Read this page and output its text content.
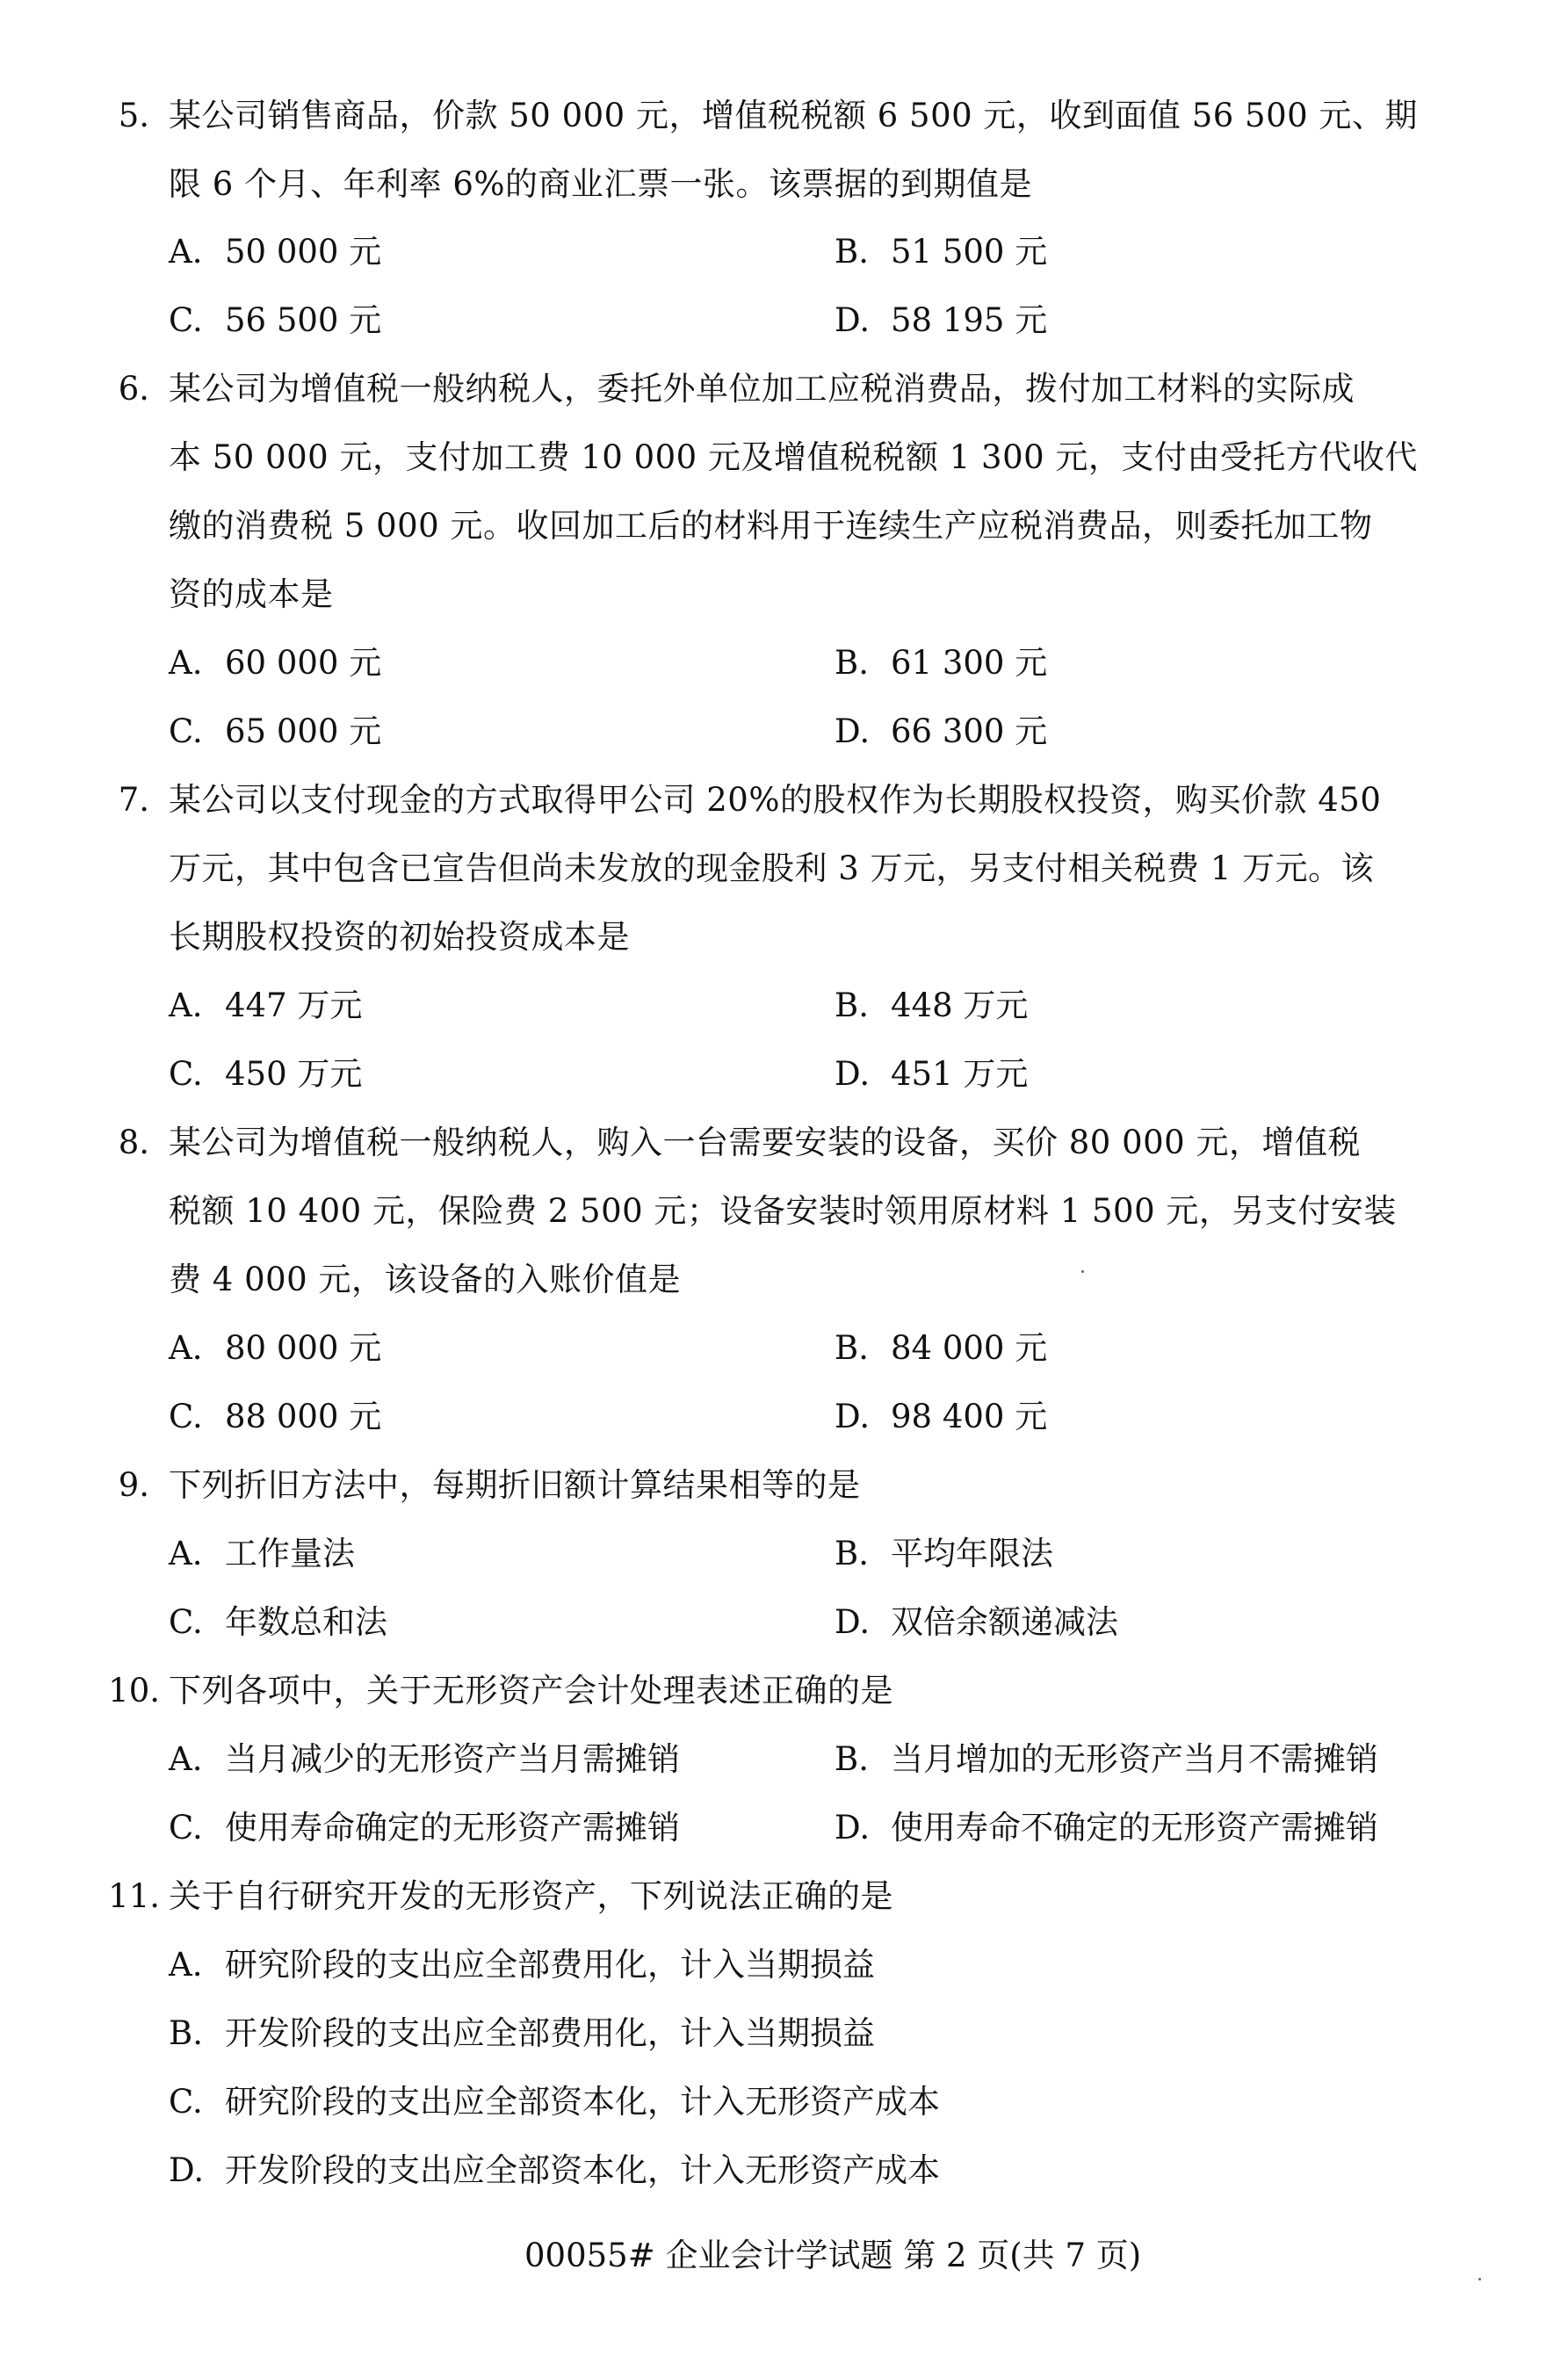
5. 某公司销售商品，价款 50 000 元，增值税税额 6 500 元，收到面值 56 500 元、期
限 6 个月、年利率 6%的商业汇票一张。该票据的到期值是
A. 50 000 元	B. 51 500 元
C. 56 500 元	D. 58 195 元
6. 某公司为增值税一般纳税人，委托外单位加工应税消费品，拨付加工材料的实际成
本 50 000 元，支付加工费 10 000 元及增值税税额 1 300 元，支付由受托方代收代
缴的消费税 5 000 元。收回加工后的材料用于连续生产应税消费品，则委托加工物
资的成本是
A. 60 000 元	B. 61 300 元
C. 65 000 元	D. 66 300 元
7. 某公司以支付现金的方式取得甲公司 20%的股权作为长期股权投资，购买价款 450
万元，其中包含已宣告但尚未发放的现金股利 3 万元，另支付相关税费 1 万元。该
长期股权投资的初始投资成本是
A. 447 万元	B. 448 万元
C. 450 万元	D. 451 万元
8. 某公司为增值税一般纳税人，购入一台需要安装的设备，买价 80 000 元，增值税
税额 10 400 元，保险费 2 500 元；设备安装时领用原材料 1 500 元，另支付安装
费 4 000 元，该设备的入账价值是
A. 80 000 元	B. 84 000 元
C. 88 000 元	D. 98 400 元
9. 下列折旧方法中，每期折旧额计算结果相等的是
A. 工作量法	B. 平均年限法
C. 年数总和法	D. 双倍余额递减法
10. 下列各项中，关于无形资产会计处理表述正确的是
A. 当月减少的无形资产当月需摊销	B. 当月增加的无形资产当月不需摊销
C. 使用寿命确定的无形资产需摊销	D. 使用寿命不确定的无形资产需摊销
11. 关于自行研究开发的无形资产，下列说法正确的是
A. 研究阶段的支出应全部费用化，计入当期损益
B. 开发阶段的支出应全部费用化，计入当期损益
C. 研究阶段的支出应全部资本化，计入无形资产成本
D. 开发阶段的支出应全部资本化，计入无形资产成本
00055# 企业会计学试题 第 2 页(共 7 页)
